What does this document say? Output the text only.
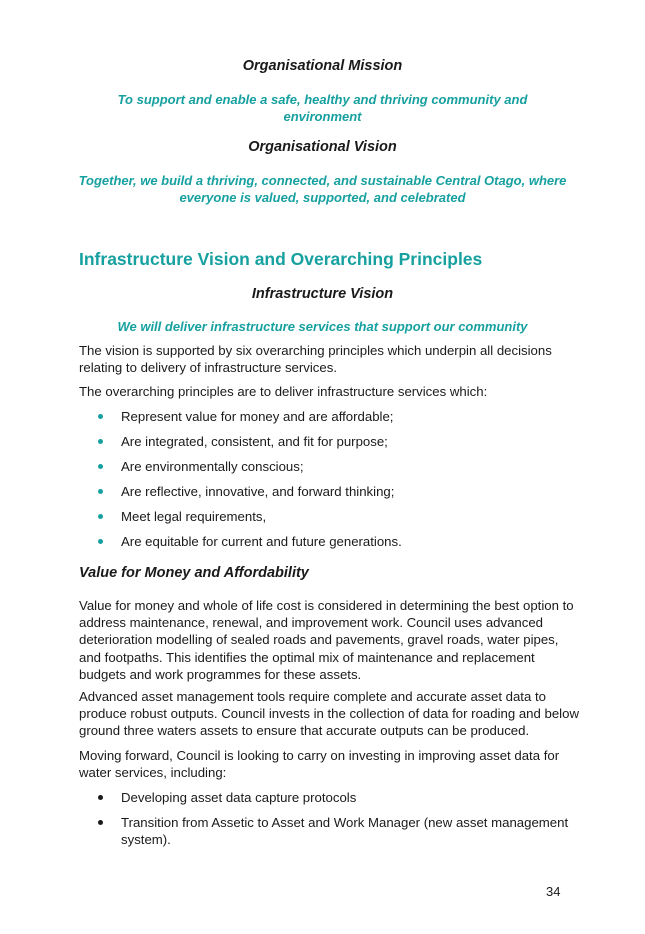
Organisational Mission
To support and enable a safe, healthy and thriving community and environment
Organisational Vision
Together, we build a thriving, connected, and sustainable Central Otago, where everyone is valued, supported, and celebrated
Infrastructure Vision and Overarching Principles
Infrastructure Vision
We will deliver infrastructure services that support our community
The vision is supported by six overarching principles which underpin all decisions relating to delivery of infrastructure services.
The overarching principles are to deliver infrastructure services which:
Represent value for money and are affordable;
Are integrated, consistent, and fit for purpose;
Are environmentally conscious;
Are reflective, innovative, and forward thinking;
Meet legal requirements,
Are equitable for current and future generations.
Value for Money and Affordability
Value for money and whole of life cost is considered in determining the best option to address maintenance, renewal, and improvement work. Council uses advanced deterioration modelling of sealed roads and pavements, gravel roads, water pipes, and footpaths. This identifies the optimal mix of maintenance and replacement budgets and work programmes for these assets.
Advanced asset management tools require complete and accurate asset data to produce robust outputs. Council invests in the collection of data for roading and below ground three waters assets to ensure that accurate outputs can be produced.
Moving forward, Council is looking to carry on investing in improving asset data for water services, including:
Developing asset data capture protocols
Transition from Assetic to Asset and Work Manager (new asset management system).
34
